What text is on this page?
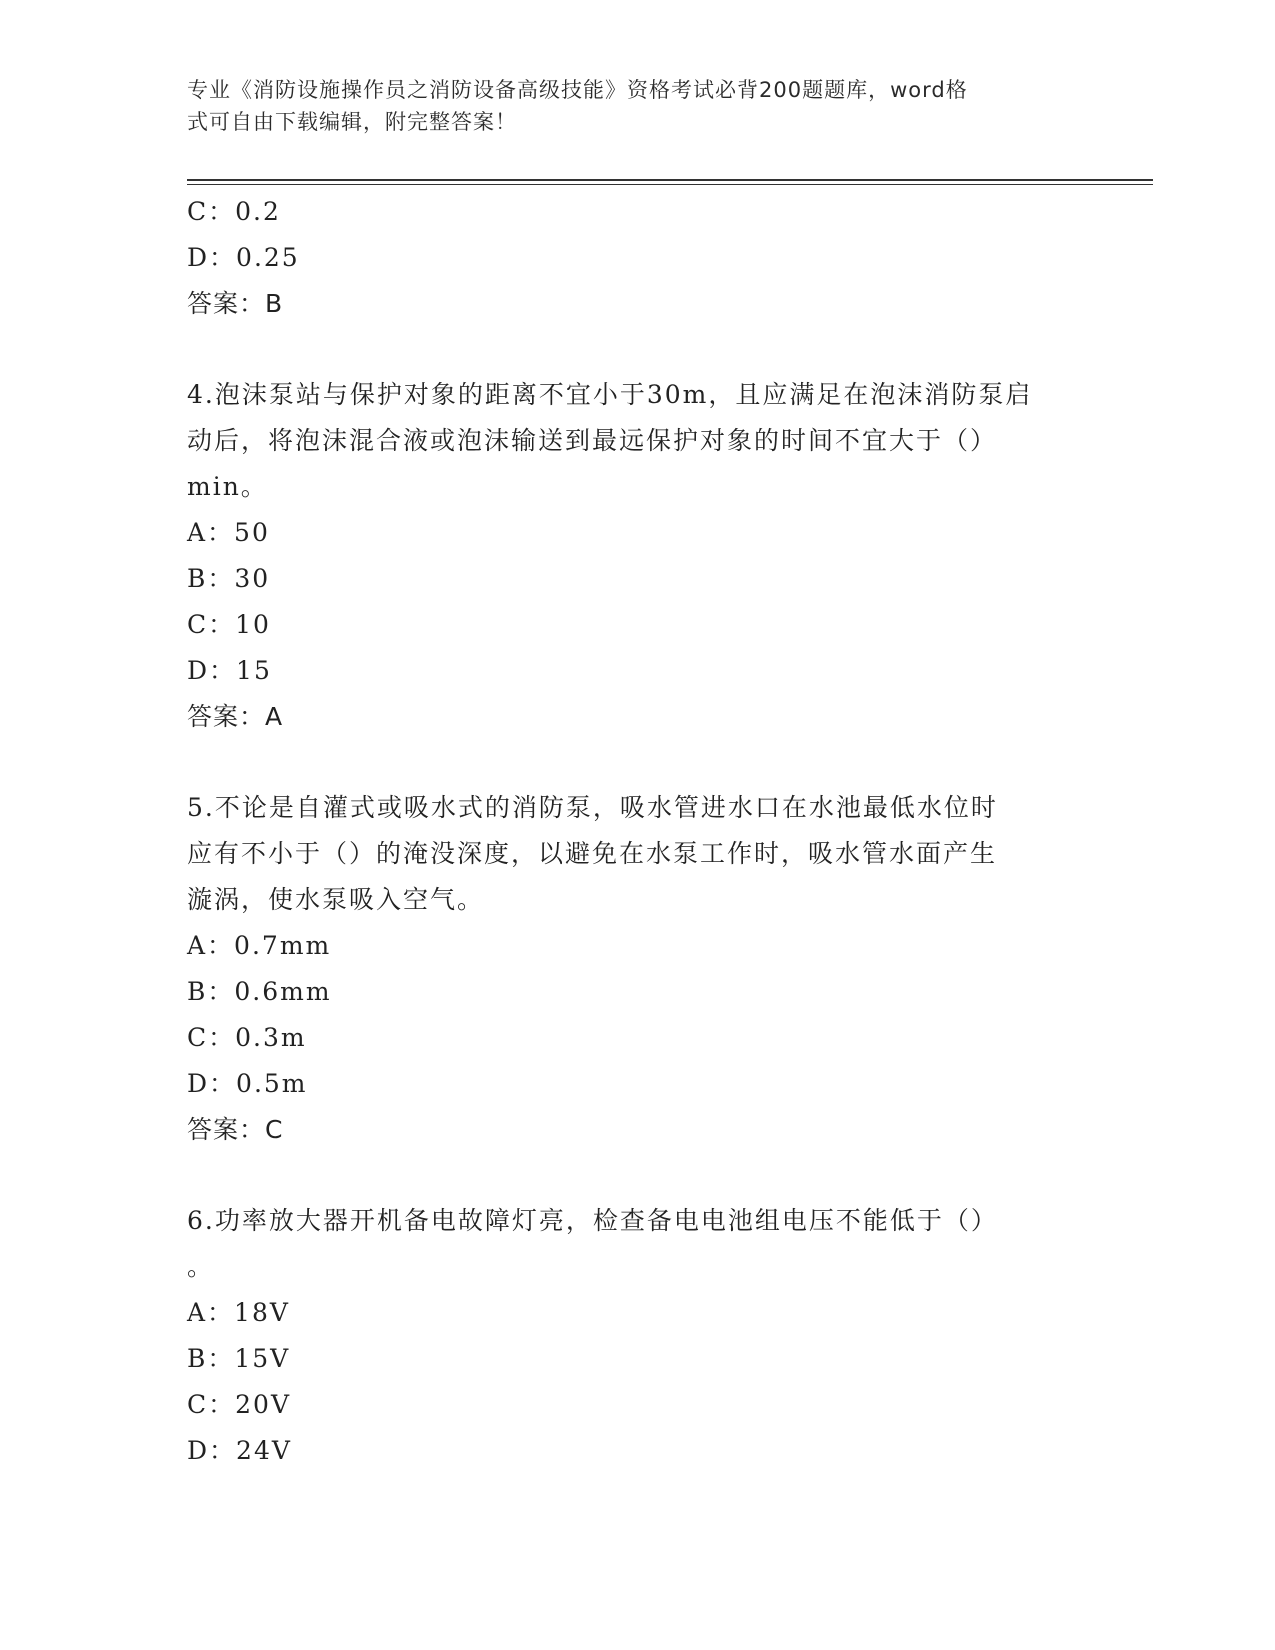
专业《消防设施操作员之消防设备高级技能》资格考试必背200题题库，word格
式可自由下载编辑，附完整答案！
C：0.2
D：0.25
答案：B
4.泡沫泵站与保护对象的距离不宜小于30m，且应满足在泡沫消防泵启
动后，将泡沫混合液或泡沫输送到最远保护对象的时间不宜大于（）
min。
A：50
B：30
C：10
D：15
答案：A
5.不论是自灌式或吸水式的消防泵，吸水管进水口在水池最低水位时
应有不小于（）的淹没深度，以避免在水泵工作时，吸水管水面产生
漩涡，使水泵吸入空气。
A：0.7mm
B：0.6mm
C：0.3m
D：0.5m
答案：C
6.功率放大器开机备电故障灯亮，检查备电电池组电压不能低于（）
。
A：18V
B：15V
C：20V
D：24V
